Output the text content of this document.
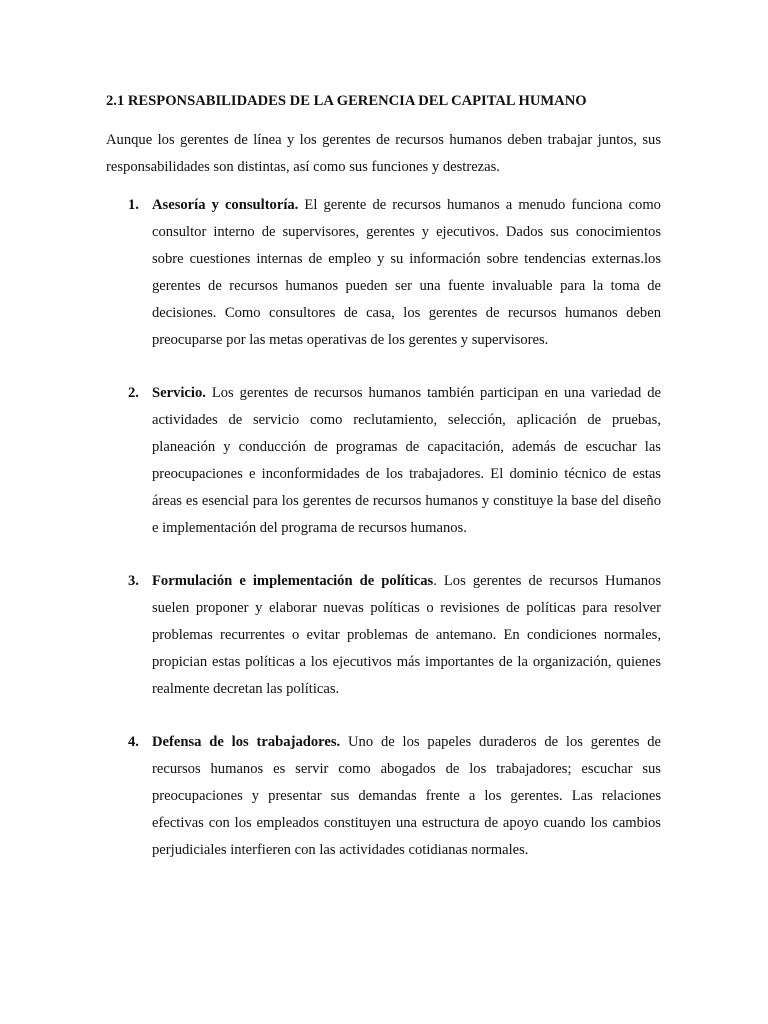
2.1 RESPONSABILIDADES DE LA GERENCIA DEL CAPITAL HUMANO

Aunque los gerentes de línea y los gerentes de recursos humanos deben trabajar juntos, sus responsabilidades son distintas, así como sus funciones y destrezas.

1. Asesoría y consultoría. El gerente de recursos humanos a menudo funciona como consultor interno de supervisores, gerentes y ejecutivos. Dados sus conocimientos sobre cuestiones internas de empleo y su información sobre tendencias externas.los gerentes de recursos humanos pueden ser una fuente invaluable para la toma de decisiones. Como consultores de casa, los gerentes de recursos humanos deben preocuparse por las metas operativas de los gerentes y supervisores.

2. Servicio. Los gerentes de recursos humanos también participan en una variedad de actividades de servicio como reclutamiento, selección, aplicación de pruebas, planeación y conducción de programas de capacitación, además de escuchar las preocupaciones e inconformidades de los trabajadores. El dominio técnico de estas áreas es esencial para los gerentes de recursos humanos y constituye la base del diseño e implementación del programa de recursos humanos.

3. Formulación e implementación de políticas. Los gerentes de recursos Humanos suelen proponer y elaborar nuevas políticas o revisiones de políticas para resolver problemas recurrentes o evitar problemas de antemano. En condiciones normales, propician estas políticas a los ejecutivos más importantes de la organización, quienes realmente decretan las políticas.

4. Defensa de los trabajadores. Uno de los papeles duraderos de los gerentes de recursos humanos es servir como abogados de los trabajadores; escuchar sus preocupaciones y presentar sus demandas frente a los gerentes. Las relaciones efectivas con los empleados constituyen una estructura de apoyo cuando los cambios perjudiciales interfieren con las actividades cotidianas normales.
